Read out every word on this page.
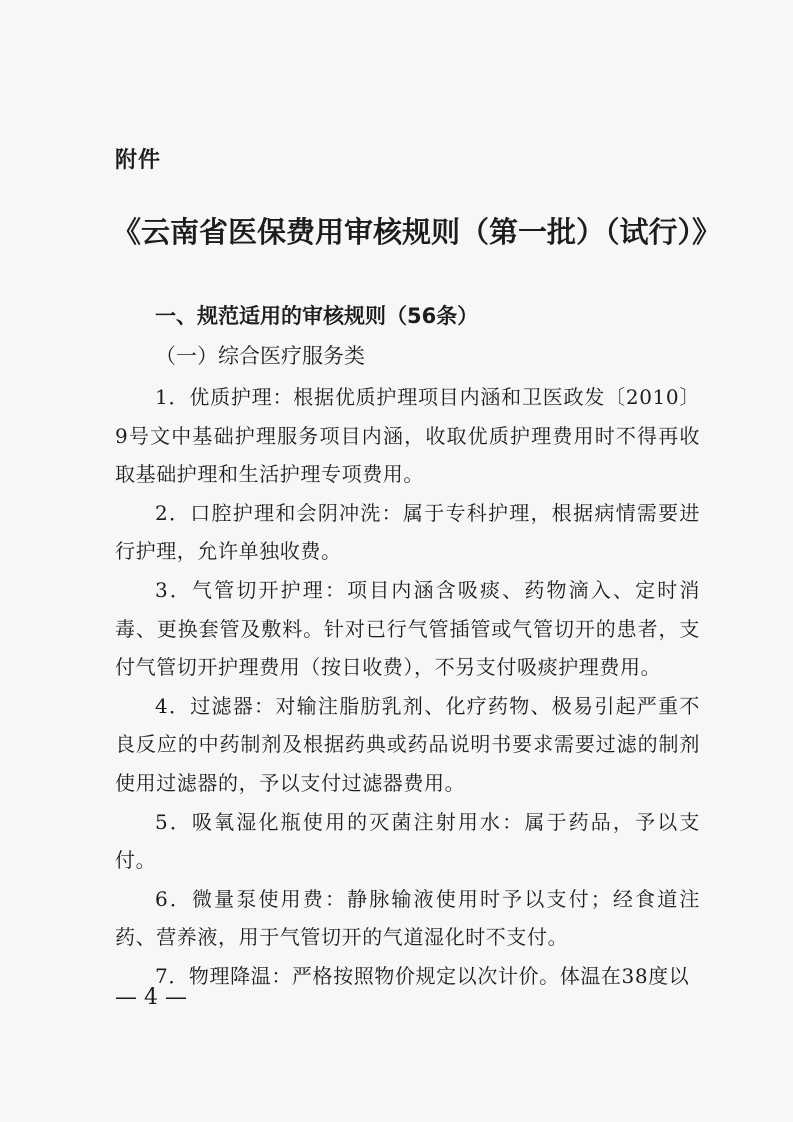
附件
《云南省医保费用审核规则（第一批）（试行）》
一、规范适用的审核规则（56条）
（一）综合医疗服务类

1．优质护理：根据优质护理项目内涵和卫医政发〔2010〕9号文中基础护理服务项目内涵，收取优质护理费用时不得再收取基础护理和生活护理专项费用。

2．口腔护理和会阴冲洗：属于专科护理，根据病情需要进行护理，允许单独收费。

3．气管切开护理：项目内涵含吸痰、药物滴入、定时消毒、更换套管及敷料。针对已行气管插管或气管切开的患者，支付气管切开护理费用（按日收费），不另支付吸痰护理费用。

4．过滤器：对输注脂肪乳剂、化疗药物、极易引起严重不良反应的中药制剂及根据药典或药品说明书要求需要过滤的制剂使用过滤器的，予以支付过滤器费用。

5．吸氧湿化瓶使用的灭菌注射用水：属于药品，予以支付。

6．微量泵使用费：静脉输液使用时予以支付；经食道注药、营养液，用于气管切开的气道湿化时不支付。

7．物理降温：严格按照物价规定以次计价。体温在38度以

— 4 —
